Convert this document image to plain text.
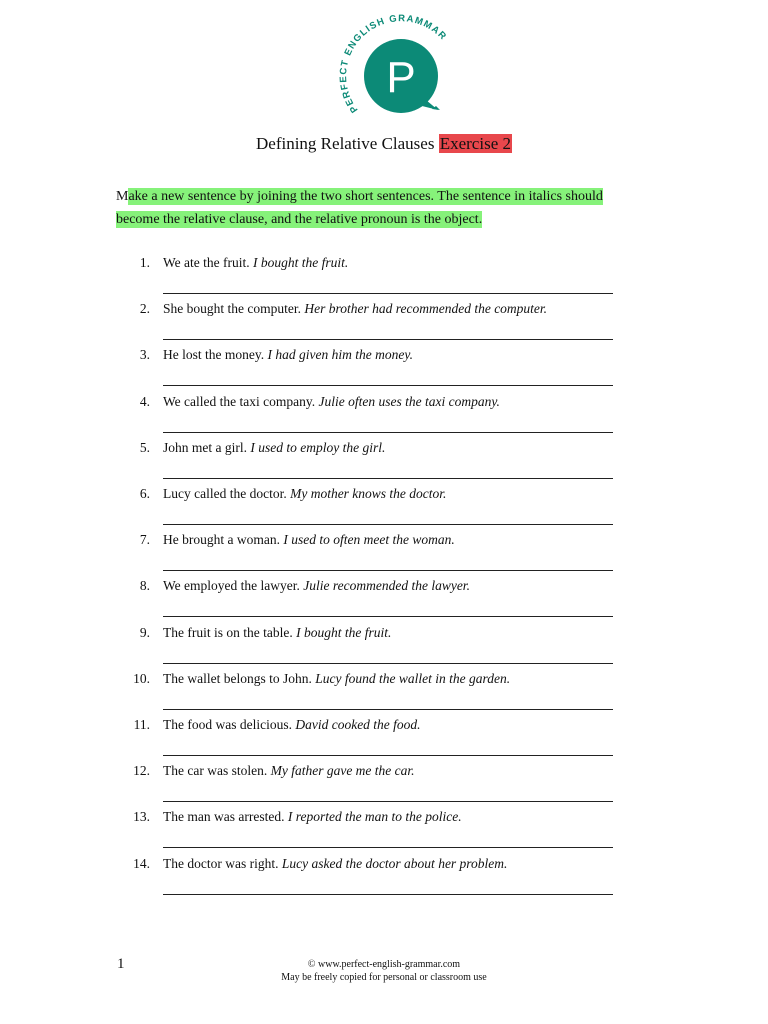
PERFECT ENGLISH GRAMMAR
P
Defining Relative Clauses Exercise 2
Make a new sentence by joining the two short sentences. The sentence in italics should become the relative clause, and the relative pronoun is the object.
1. We ate the fruit. I bought the fruit.
2. She bought the computer. Her brother had recommended the computer.
3. He lost the money. I had given him the money.
4. We called the taxi company. Julie often uses the taxi company.
5. John met a girl. I used to employ the girl.
6. Lucy called the doctor. My mother knows the doctor.
7. He brought a woman. I used to often meet the woman.
8. We employed the lawyer. Julie recommended the lawyer.
9. The fruit is on the table. I bought the fruit.
10. The wallet belongs to John. Lucy found the wallet in the garden.
11. The food was delicious. David cooked the food.
12. The car was stolen. My father gave me the car.
13. The man was arrested. I reported the man to the police.
14. The doctor was right. Lucy asked the doctor about her problem.
1	© www.perfect-english-grammar.com
May be freely copied for personal or classroom use
